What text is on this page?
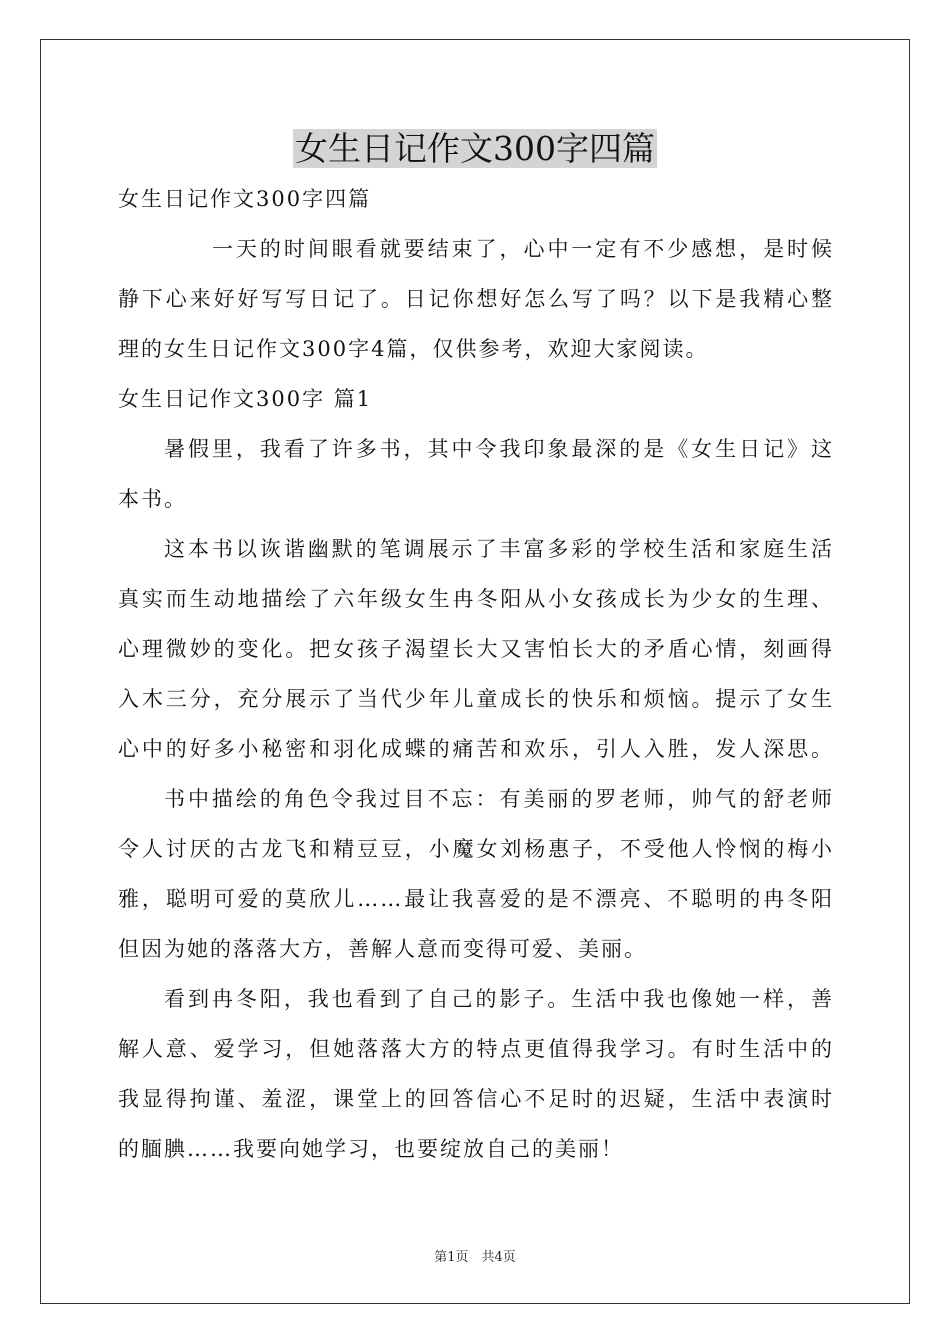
女生日记作文300字四篇
女生日记作文300字四篇
一天的时间眼看就要结束了，心中一定有不少感想，是时候
静下心来好好写写日记了。日记你想好怎么写了吗？以下是我精心整
理的女生日记作文300字4篇，仅供参考，欢迎大家阅读。
女生日记作文300字 篇1
暑假里，我看了许多书，其中令我印象最深的是《女生日记》这
本书。
这本书以诙谐幽默的笔调展示了丰富多彩的学校生活和家庭生活
真实而生动地描绘了六年级女生冉冬阳从小女孩成长为少女的生理、
心理微妙的变化。把女孩子渴望长大又害怕长大的矛盾心情，刻画得
入木三分，充分展示了当代少年儿童成长的快乐和烦恼。提示了女生
心中的好多小秘密和羽化成蝶的痛苦和欢乐，引人入胜，发人深思。
书中描绘的角色令我过目不忘：有美丽的罗老师，帅气的舒老师
令人讨厌的古龙飞和精豆豆，小魔女刘杨惠子，不受他人怜悯的梅小
雅，聪明可爱的莫欣儿……最让我喜爱的是不漂亮、不聪明的冉冬阳
但因为她的落落大方，善解人意而变得可爱、美丽。
看到冉冬阳，我也看到了自己的影子。生活中我也像她一样，善
解人意、爱学习，但她落落大方的特点更值得我学习。有时生活中的
我显得拘谨、羞涩，课堂上的回答信心不足时的迟疑，生活中表演时
的腼腆……我要向她学习，也要绽放自己的美丽！
第1页　共4页
